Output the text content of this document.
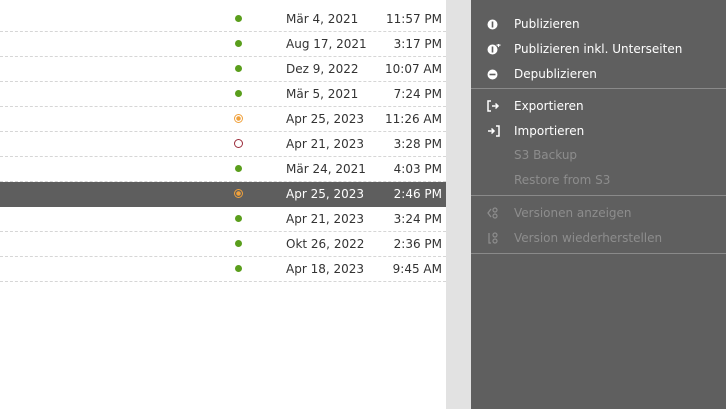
Mär 4, 2021 11:57 PM
Aug 17, 2021 3:17 PM
Dez 9, 2022 10:07 AM
Mär 5, 2021	7:24 PM
Apr 25, 2023 11:26 AM
Apr 21, 2023 3:28 PM
Mär 24, 2021 4:03 PM
Apr 25, 2023 2:46 PM
Apr 21, 2023 3:24 PM
Okt 26, 2022 2:36 PM
Apr 18, 2023 9:45 AM
Publizieren
Publizieren inkl. Unterseiten
Depublizieren
Exportieren
Importieren
S3 Backup
Restore from S3
Versionen anzeigen
Version wiederherstellen
